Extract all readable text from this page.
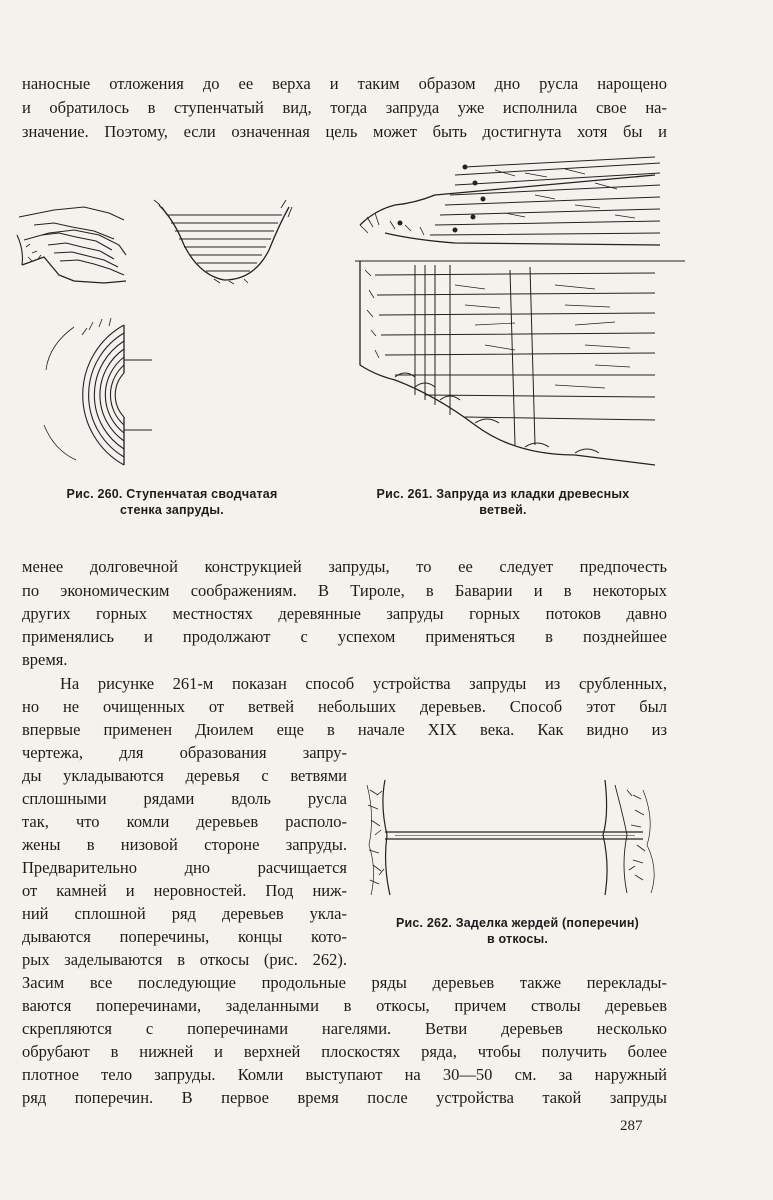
наносные отложения до ее верха и таким образом дно русла нарощено
и обратилось в ступенчатый вид, тогда запруда уже исполнила свое на-
значение. Поэтому, если означенная цель может быть достигнута хотя бы и
Рис. 260. Ступенчатая сводчатая
стенка запруды.
Рис. 261. Запруда из кладки древесных
ветвей.
менее долговечной конструкцией запруды, то ее следует предпочесть
по экономическим соображениям. В Тироле, в Баварии и в некоторых
других горных местностях деревянные запруды горных потоков давно
применялись и продолжают с успехом применяться в позднейшее
время.
На рисунке 261-м показан способ устройства запруды из срубленных,
но не очищенных от ветвей небольших деревьев. Способ этот был
впервые применен Дюилем еще в начале XIX века. Как видно из
чертежа, для образования запру-
ды укладываются деревья с ветвями
сплошными рядами вдоль русла
так, что комли деревьев располо-
жены в низовой стороне запруды.
Предварительно дно расчищается
от камней и неровностей. Под ниж-
ний сплошной ряд деревьев укла-
дываются поперечины, концы кото-
рых заделываются в откосы (рис. 262).
Рис. 262. Заделка жердей (поперечин)
в откосы.
Засим все последующие продольные ряды деревьев также переклады-
ваются поперечинами, заделанными в откосы, причем стволы деревьев
скрепляются с поперечинами нагелями. Ветви деревьев несколько
обрубают в нижней и верхней плоскостях ряда, чтобы получить более
плотное тело запруды. Комли выступают на 30—50 см. за наружный
ряд поперечин. В первое время после устройства такой запруды
287
